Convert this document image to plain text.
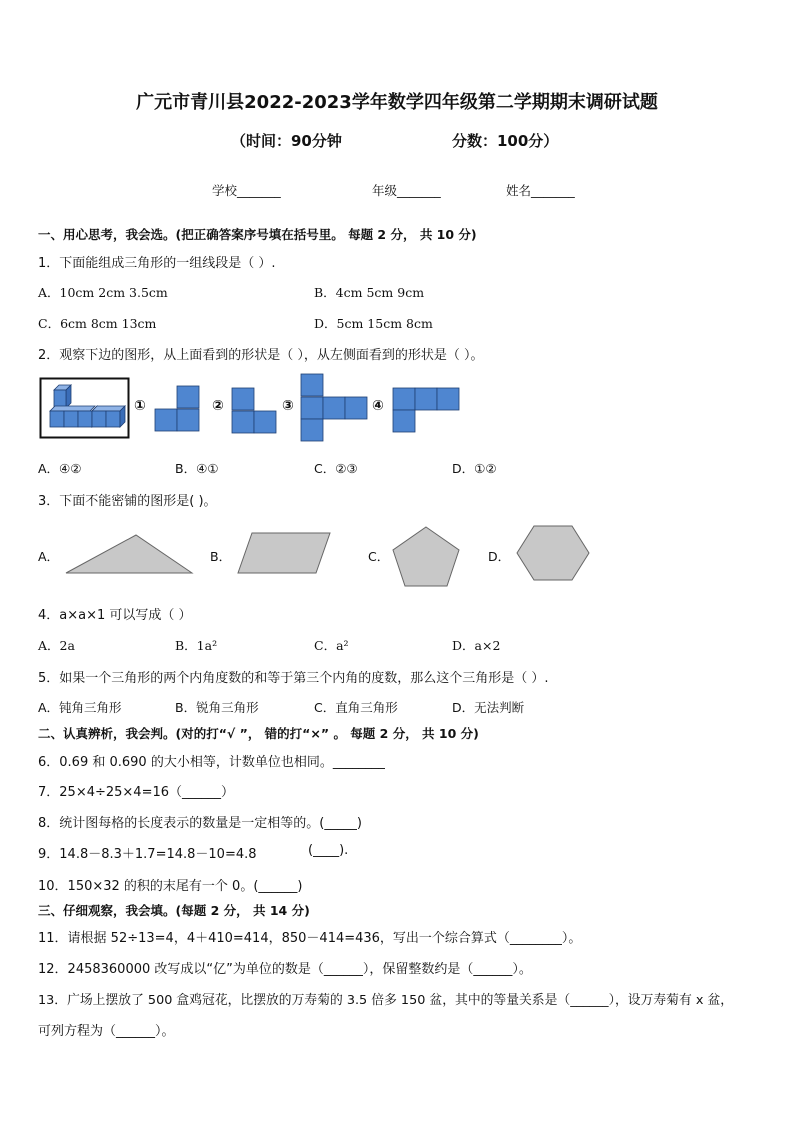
广元市青川县2022-2023学年数学四年级第二学期期末调研试题
（时间：90分钟	分数：100分）
学校_______	年级_______	姓名_______
一、用心思考，我会选。(把正确答案序号填在括号里。 每题 2 分， 共 10 分)
1．下面能组成三角形的一组线段是（ ）.
A．10cm 2cm 3.5cm	B．4cm 5cm 9cm
C．6cm 8cm 13cm	D．5cm 15cm 8cm
2．观察下边的图形，从上面看到的形状是（ ），从左侧面看到的形状是（ ）。
①	②	③	④
A．④②	B．④①	C．②③	D．①②
3．下面不能密铺的图形是( )。
A．	B．	C．	D．
4．a×a×1 可以写成（ ）
A．2a	B．1a²	C．a²	D．a×2
5．如果一个三角形的两个内角度数的和等于第三个内角的度数，那么这个三角形是（ ）.
A．钝角三角形	B．锐角三角形	C．直角三角形	D．无法判断
二、认真辨析，我会判。(对的打“√ ”， 错的打“×” 。 每题 2 分， 共 10 分)
6．0.69 和 0.690 的大小相等，计数单位也相同。________
7．25×4÷25×4=16（______）
8．统计图每格的长度表示的数量是一定相等的。(_____)
9．14.8－8.3＋1.7=14.8－10=4.8	(____).
10．150×32 的积的末尾有一个 0。(______)
三、仔细观察，我会填。(每题 2 分， 共 14 分)
11．请根据 52÷13=4，4＋410=414，850－414=436，写出一个综合算式（________）。
12．2458360000 改写成以“亿”为单位的数是（______），保留整数约是（______）。
13．广场上摆放了 500 盒鸡冠花，比摆放的万寿菊的 3.5 倍多 150 盆，其中的等量关系是（______），设万寿菊有 x 盆，
可列方程为（______）。
